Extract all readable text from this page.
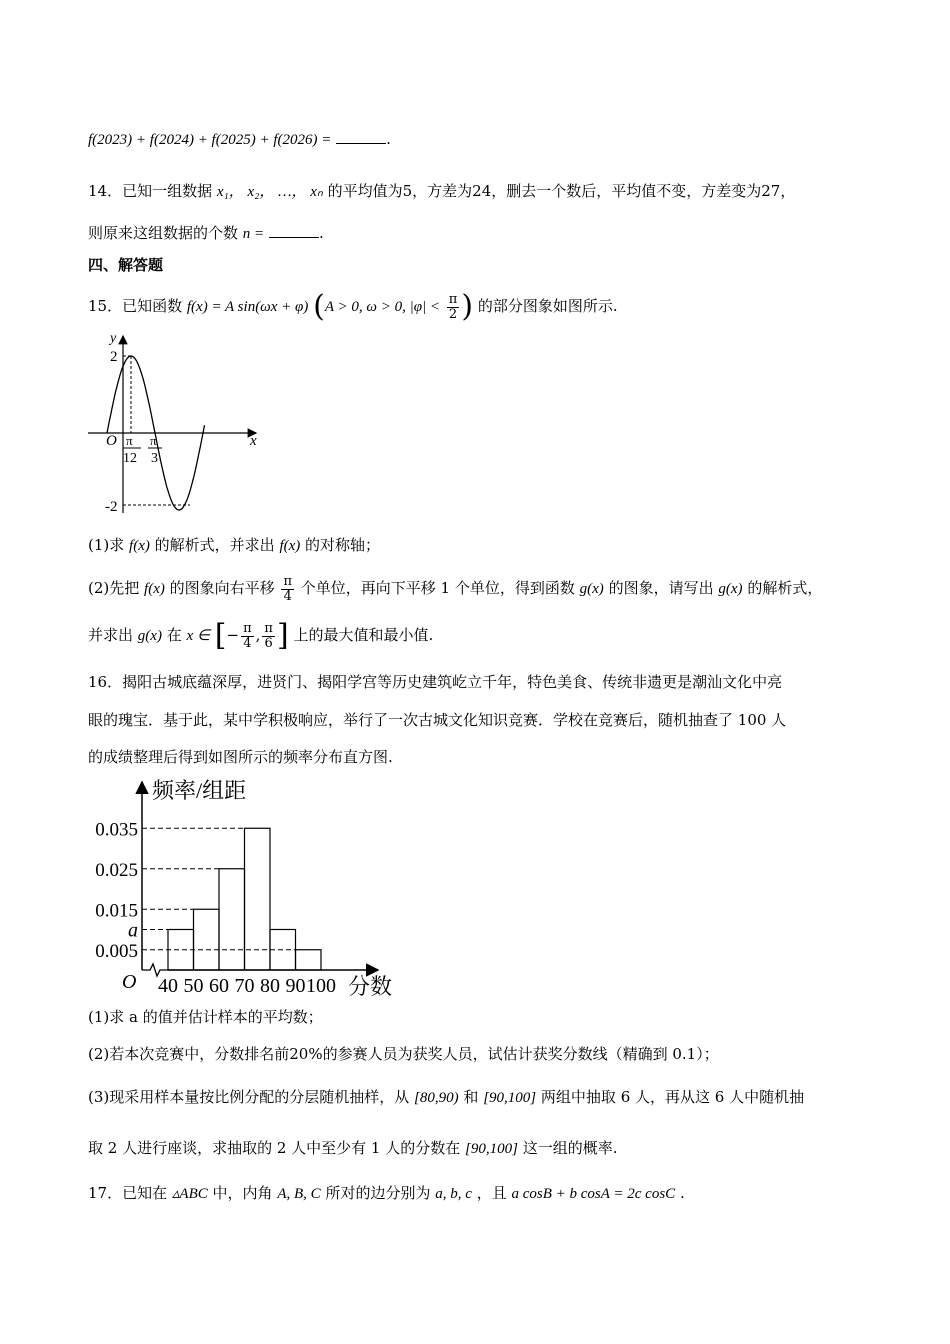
f(2023) + f(2024) + f(2025) + f(2026) =	.
14．已知一组数据 x₁， x₂， …， xₙ 的平均值为5，方差为24，删去一个数后，平均值不变，方差变为27，
则原来这组数据的个数 n =	.
四、解答题
15．已知函数 f(x) = A sin(ωx + φ) (A > 0, ω > 0, $|\varphi| < \frac{\pi}{2}$ ) 的部分图象如图所示.
y
2
-2
O	x
π
12
π
3
(1)求 f(x) 的解析式，并求出 f(x) 的对称轴；
(2)先把 f(x) 的图象向右平移 $\frac{\pi}{4}$ 个单位，再向下平移 1 个单位，得到函数 g(x) 的图象，请写出 g(x) 的解析式，
并求出 g(x) 在 x ∈ [− $\frac{\pi}{4}$ , $\frac{\pi}{6}$ ] 上的最大值和最小值.
16．揭阳古城底蕴深厚，进贤门、揭阳学宫等历史建筑屹立千年，特色美食、传统非遗更是潮汕文化中亮
眼的瑰宝．基于此，某中学积极响应，举行了一次古城文化知识竞赛．学校在竞赛后，随机抽查了 100 人
的成绩整理后得到如图所示的频率分布直方图.
频率/组距
分数
O
0.035
0.025
0.015
a
0.005
40 50 60 70 80 90 100
(1)求 a 的值并估计样本的平均数；
(2)若本次竞赛中，分数排名前20%的参赛人员为获奖人员，试估计获奖分数线（精确到 0.1）；
(3)现采用样本量按比例分配的分层随机抽样，从 [80,90) 和 [90,100] 两组中抽取 6 人，再从这 6 人中随机抽
取 2 人进行座谈，求抽取的 2 人中至少有 1 人的分数在 [90,100] 这一组的概率.
17．已知在 ▵ABC 中，内角 A, B, C 所对的边分别为 a, b, c ，且 a cosB + b cosA = 2c cosC .
